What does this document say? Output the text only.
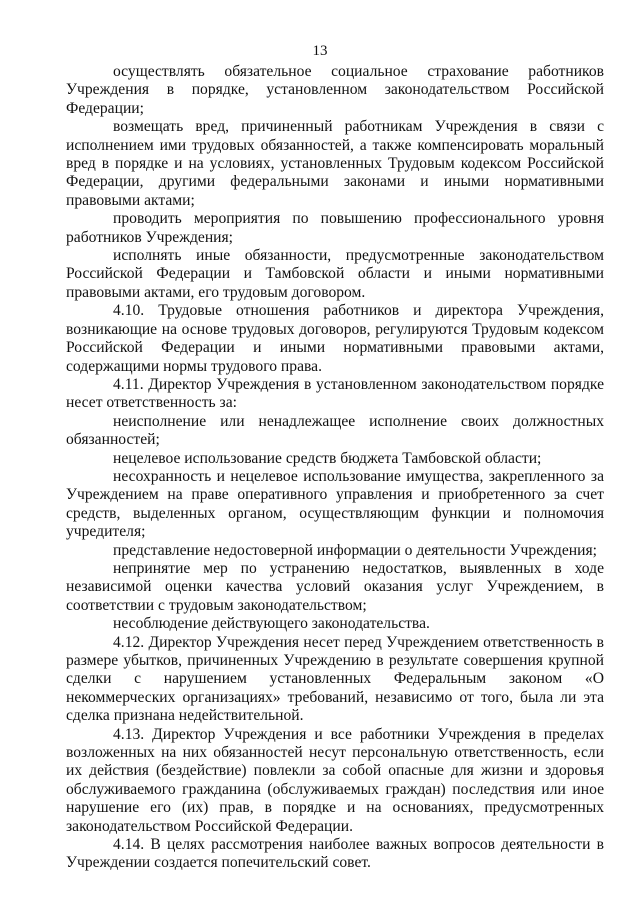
13

осуществлять обязательное социальное страхование работников Учреждения в порядке, установленном законодательством Российской Федерации;

возмещать вред, причиненный работникам Учреждения в связи с исполнением ими трудовых обязанностей, а также компенсировать моральный вред в порядке и на условиях, установленных Трудовым кодексом Российской Федерации, другими федеральными законами и иными нормативными правовыми актами;

проводить мероприятия по повышению профессионального уровня работников Учреждения;

исполнять иные обязанности, предусмотренные законодательством Российской Федерации и Тамбовской области и иными нормативными правовыми актами, его трудовым договором.

4.10. Трудовые отношения работников и директора Учреждения, возникающие на основе трудовых договоров, регулируются Трудовым кодексом Российской Федерации и иными нормативными правовыми актами, содержащими нормы трудового права.

4.11. Директор Учреждения в установленном законодательством порядке несет ответственность за:

неисполнение или ненадлежащее исполнение своих должностных обязанностей;

нецелевое использование средств бюджета Тамбовской области;

несохранность и нецелевое использование имущества, закрепленного за Учреждением на праве оперативного управления и приобретенного за счет средств, выделенных органом, осуществляющим функции и полномочия учредителя;

представление недостоверной информации о деятельности Учреждения;

непринятие мер по устранению недостатков, выявленных в ходе независимой оценки качества условий оказания услуг Учреждением, в соответствии с трудовым законодательством;

несоблюдение действующего законодательства.

4.12. Директор Учреждения несет перед Учреждением ответственность в размере убытков, причиненных Учреждению в результате совершения крупной сделки с нарушением установленных Федеральным законом «О некоммерческих организациях» требований, независимо от того, была ли эта сделка признана недействительной.

4.13. Директор Учреждения и все работники Учреждения в пределах возложенных на них обязанностей несут персональную ответственность, если их действия (бездействие) повлекли за собой опасные для жизни и здоровья обслуживаемого гражданина (обслуживаемых граждан) последствия или иное нарушение его (их) прав, в порядке и на основаниях, предусмотренных законодательством Российской Федерации.

4.14. В целях рассмотрения наиболее важных вопросов деятельности в Учреждении создается попечительский совет.
